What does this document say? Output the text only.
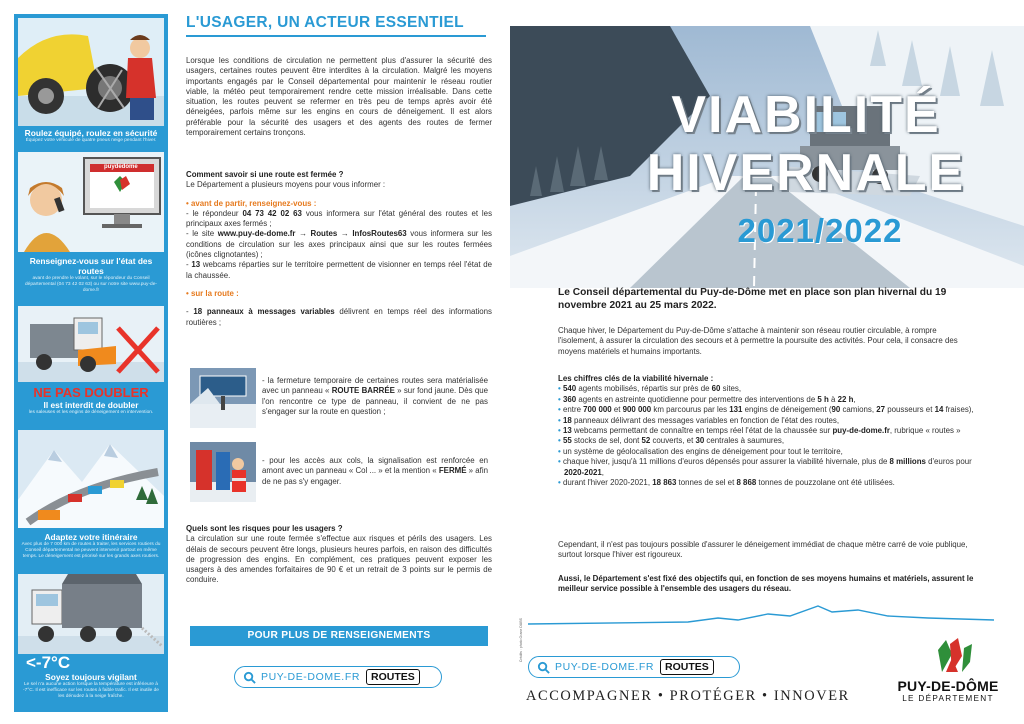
Roulez équipé, roulez en sécurité
Équipez votre véhicule de quatre pneus neige pendant l'hiver.
puydedome
Renseignez-vous sur l'état des routes
avant de prendre le volant, sur le répondeur du Conseil départemental (04 73 42 02 63) ou sur notre site www.puy-de-dome.fr
NE PAS DOUBLER
Il est interdit de doubler
les saleuses et les engins de déneigement en intervention.
Adaptez votre itinéraire
Avec plus de 7 000 km de routes à traiter, les services routiers du Conseil départemental ne peuvent intervenir partout en même temps. Le déneigement est priorisé sur les grands axes routiers.
<-7°C
Soyez toujours vigilant
Le sel n'a aucune action lorsque la température est inférieure à -7°C. Il est inefficace sur les routes à faible trafic. Il est inutile de les dénudez à la neige fraîche.
L'USAGER, UN ACTEUR ESSENTIEL
Lorsque les conditions de circulation ne permettent plus d'assurer la sécurité des usagers, certaines routes peuvent être interdites à la circulation. Malgré les moyens importants engagés par le Conseil départemental pour maintenir le réseau routier viable, la météo peut temporairement rendre cette mission irréalisable. Dans cette situation, les routes peuvent se refermer en très peu de temps après avoir été déneigées, parfois même sur les engins en cours de déneigement. Il est alors préférable pour la sécurité des usagers et des agents des routes de fermer temporairement certains tronçons.
Comment savoir si une route est fermée ?
Le Département a plusieurs moyens pour vous informer :
• avant de partir, renseignez-vous :
- le répondeur 04 73 42 02 63 vous informera sur l'état général des routes et les principaux axes fermés ;
- le site www.puy-de-dome.fr → Routes → InfosRoutes63 vous informera sur les conditions de circulation sur les axes principaux ainsi que sur les routes fermées (icônes clignotantes) ;
- 13 webcams réparties sur le territoire permettent de visionner en temps réel l'état de la chaussée.
• sur la route :
- 18 panneaux à messages variables délivrent en temps réel des informations routières ;
- la fermeture temporaire de certaines routes sera matérialisée avec un panneau « ROUTE BARRÉE » sur fond jaune. Dès que l'on rencontre ce type de panneau, il convient de ne pas s'engager sur la route en question ;
- pour les accès aux cols, la signalisation est renforcée en amont avec un panneau « Col ... » et la mention « FERMÉ » afin de ne pas s'y engager.
Quels sont les risques pour les usagers ?
La circulation sur une route fermée s'effectue aux risques et périls des usagers. Les délais de secours peuvent être longs, plusieurs heures parfois, en raison des difficultés de progression des engins. En complément, ces pratiques peuvent exposer les usagers à des amendes forfaitaires de 90 € et un retrait de 3 points sur le permis de conduire.
POUR PLUS DE RENSEIGNEMENTS
PUY-DE-DOME.FR	ROUTES
VIABILITÉ
HIVERNALE
2021/2022
Le Conseil départemental du Puy-de-Dôme met en place son plan hivernal du 19 novembre 2021 au 25 mars 2022.
Chaque hiver, le Département du Puy-de-Dôme s'attache à maintenir son réseau routier circulable, à rompre l'isolement, à assurer la circulation des secours et à permettre la poursuite des activités. Pour cela, il consacre des moyens matériels et humains importants.
Les chiffres clés de la viabilité hivernale :
• 540 agents mobilisés, répartis sur près de 60 sites,
• 360 agents en astreinte quotidienne pour permettre des interventions de 5 h à 22 h,
• entre 700 000 et 900 000 km parcourus par les 131 engins de déneigement (90 camions, 27 pousseurs et 14 fraises),
• 18 panneaux délivrant des messages variables en fonction de l'état des routes,
• 13 webcams permettant de connaître en temps réel l'état de la chaussée sur puy-de-dome.fr, rubrique « routes »
• 55 stocks de sel, dont 52 couverts, et 30 centrales à saumures,
• un système de géolocalisation des engins de déneigement pour tout le territoire,
• chaque hiver, jusqu'à 11 millions d'euros dépensés pour assurer la viabilité hivernale, plus de 8 millions d'euros pour 2020-2021,
• durant l'hiver 2020-2021, 18 863 tonnes de sel et 8 868 tonnes de pouzzolane ont été utilisées.
Cependant, il n'est pas toujours possible d'assurer le déneigement immédiat de chaque mètre carré de voie publique, surtout lorsque l'hiver est rigoureux.
Aussi, le Département s'est fixé des objectifs qui, en fonction de ses moyens humains et matériels, assurent le meilleur service possible à l'ensemble des usagers du réseau.
Crédits : photo Orane DUBS
PUY-DE-DOME.FR	ROUTES
ACCOMPAGNER • PROTÉGER • INNOVER
PUY-DE-DÔME
LE DÉPARTEMENT
